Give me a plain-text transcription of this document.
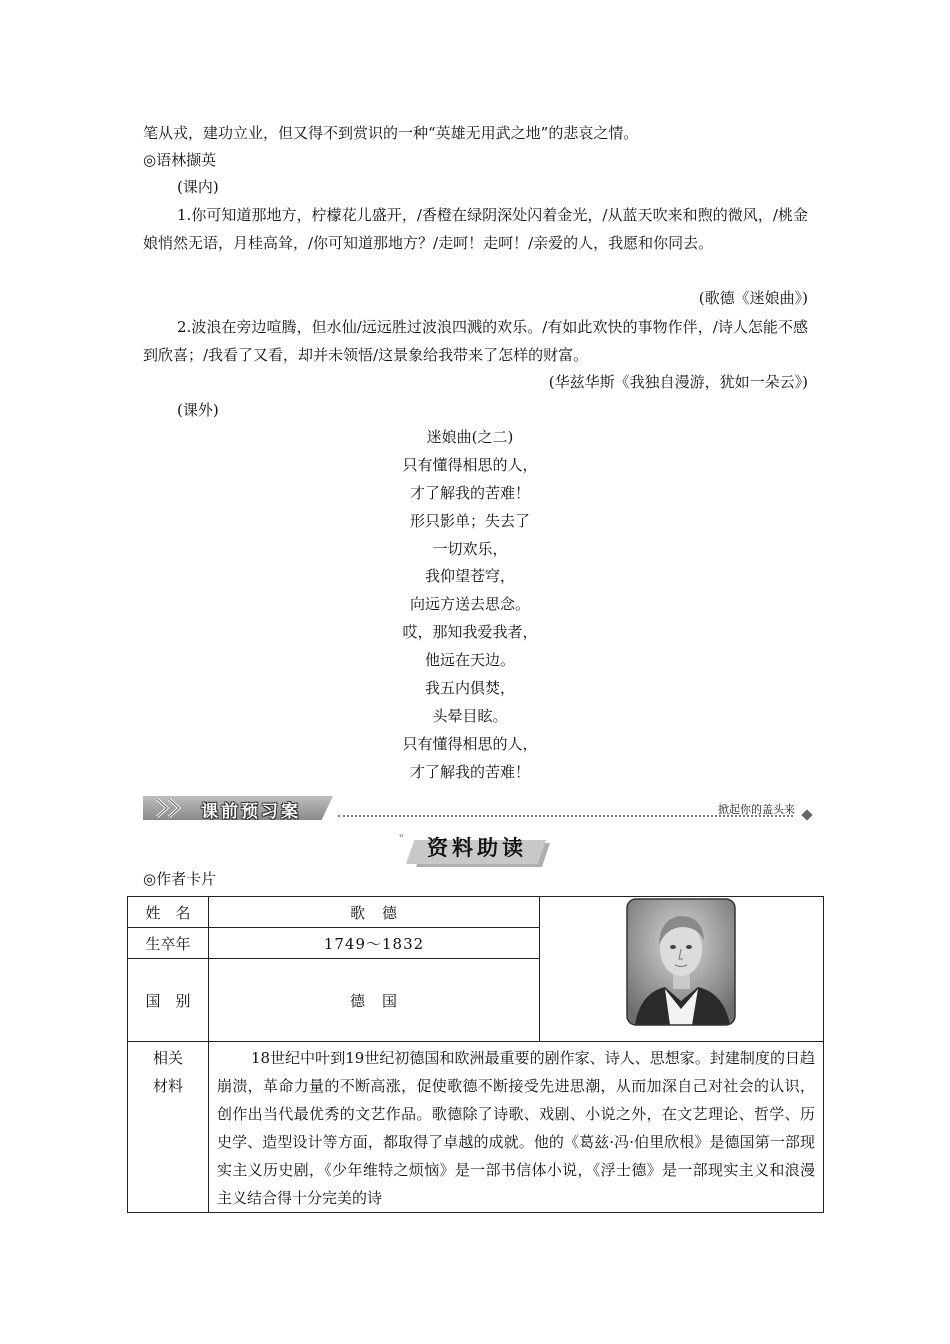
笔从戎，建功立业，但又得不到赏识的一种“英雄无用武之地”的悲哀之情。
◎语林撷英
(课内)
1.你可知道那地方，柠檬花儿盛开，/香橙在绿阴深处闪着金光，/从蓝天吹来和煦的微风，/桃金娘悄然无语，月桂高耸，/你可知道那地方？/走呵！走呵！/亲爱的人，我愿和你同去。
(歌德《迷娘曲》)
2.波浪在旁边喧腾，但水仙/远远胜过波浪四溅的欢乐。/有如此欢快的事物作伴，/诗人怎能不感到欣喜；/我看了又看，却并未领悟/这景象给我带来了怎样的财富。
(华兹华斯《我独自漫游，犹如一朵云》)
(课外)
迷娘曲(之二)
只有懂得相思的人，
才了解我的苦难！
形只影单；失去了
一切欢乐，
我仰望苍穹，
向远方送去思念。
哎，那知我爱我者，
他远在天边。
我五内俱焚，
头晕目眩。
只有懂得相思的人，
才了解我的苦难！
课前预习案	掀起你的盖头来
❞	资料助读
◎作者卡片
姓　名	歌　德	
生卒年	1749～1832	
国　别	德　国	
相关材料	18世纪中叶到19世纪初德国和欧洲最重要的剧作家、诗人、思想家。封建制度的日趋崩溃，革命力量的不断高涨，促使歌德不断接受先进思潮，从而加深自己对社会的认识，创作出当代最优秀的文艺作品。歌德除了诗歌、戏剧、小说之外，在文艺理论、哲学、历史学、造型设计等方面，都取得了卓越的成就。他的《葛兹·冯·伯里欣根》是德国第一部现实主义历史剧，《少年维特之烦恼》是一部书信体小说，《浮士德》是一部现实主义和浪漫主义结合得十分完美的诗	
